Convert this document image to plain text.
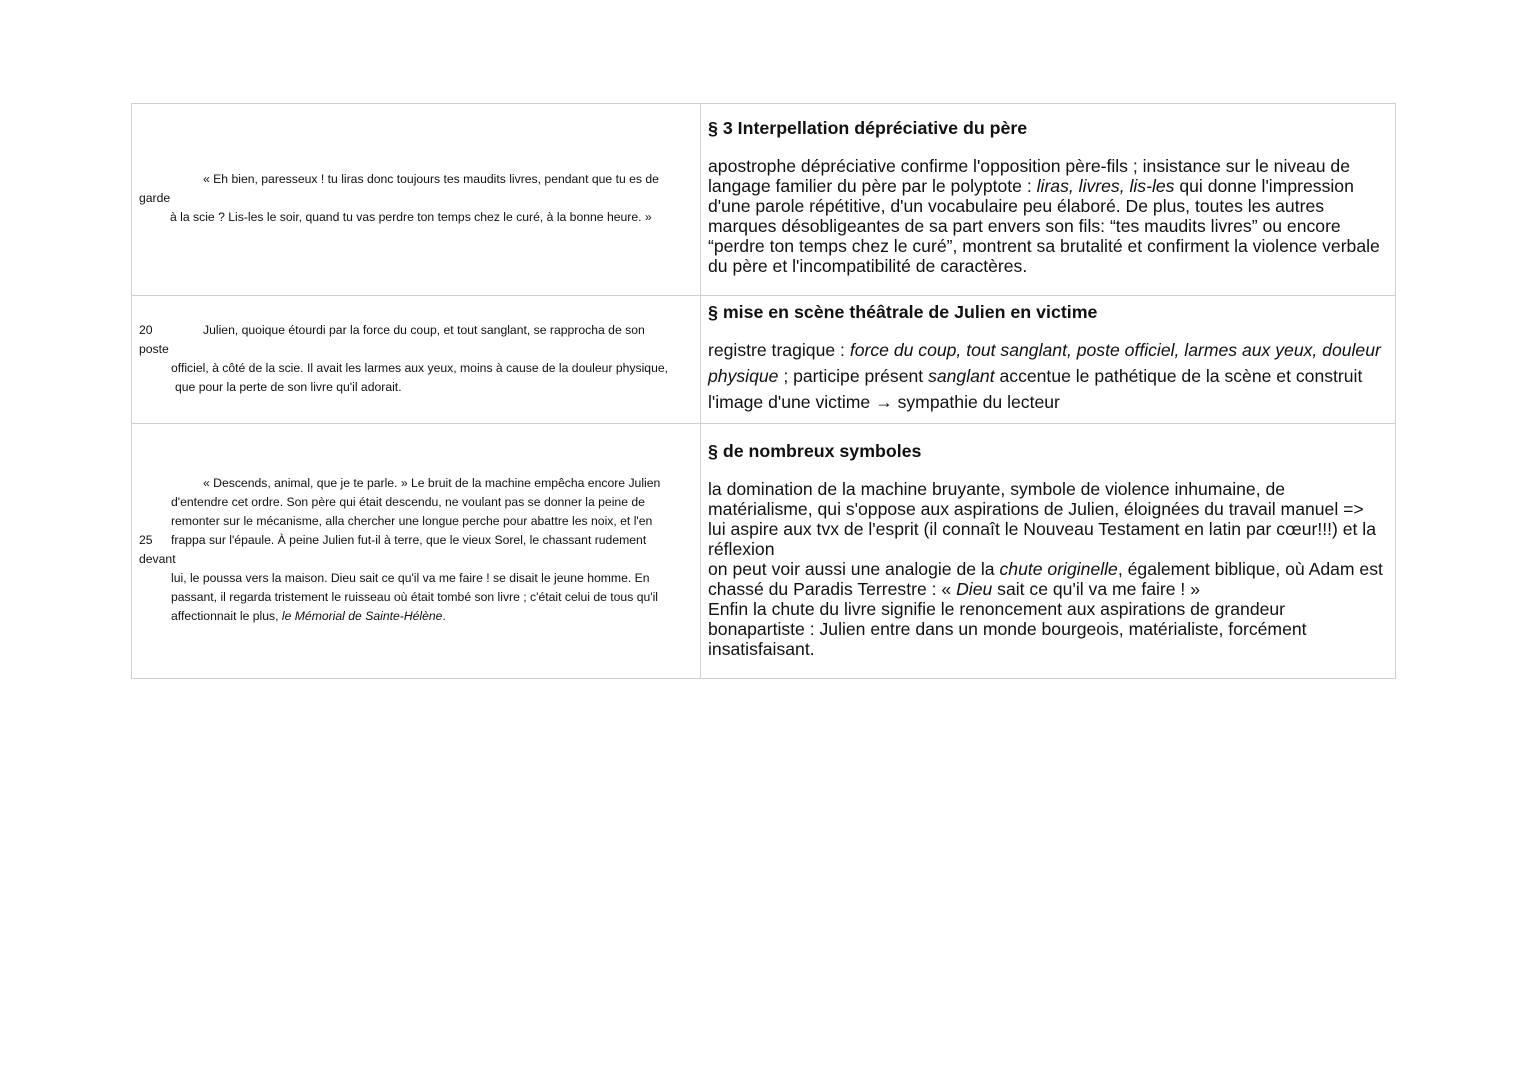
« Eh bien, paresseux ! tu liras donc toujours tes maudits livres, pendant que tu es de
garde
à la scie ? Lis-les le soir, quand tu vas perdre ton temps chez le curé, à la bonne heure. »
§ 3 Interpellation dépréciative du père
apostrophe dépréciative confirme l'opposition père-fils ; insistance sur le niveau de langage familier du père par le polyptote : liras, livres, lis-les qui donne l'impression d'une parole répétitive, d'un vocabulaire peu élaboré. De plus, toutes les autres marques désobligeantes de sa part envers son fils: “tes maudits livres” ou encore “perdre ton temps chez le curé”, montrent sa brutalité et confirment la violence verbale du père et l'incompatibilité de caractères.
20	Julien, quoique étourdi par la force du coup, et tout sanglant, se rapprocha de son
poste
officiel, à côté de la scie. Il avait les larmes aux yeux, moins à cause de la douleur physique,
que pour la perte de son livre qu'il adorait.
§ mise en scène théâtrale de Julien en victime
registre tragique : force du coup, tout sanglant, poste officiel, larmes aux yeux, douleur physique ; participe présent sanglant accentue le pathétique de la scène et construit l'image d'une victime → sympathie du lecteur
« Descends, animal, que je te parle. » Le bruit de la machine empêcha encore Julien
d'entendre cet ordre. Son père qui était descendu, ne voulant pas se donner la peine de
remonter sur le mécanisme, alla chercher une longue perche pour abattre les noix, et l'en
25 frappa sur l'épaule. À peine Julien fut-il à terre, que le vieux Sorel, le chassant rudement
devant
lui, le poussa vers la maison. Dieu sait ce qu'il va me faire ! se disait le jeune homme. En
passant, il regarda tristement le ruisseau où était tombé son livre ; c'était celui de tous qu'il
affectionnait le plus, le Mémorial de Sainte-Hélène.
§ de nombreux symboles
la domination de la machine bruyante, symbole de violence inhumaine, de matérialisme, qui s'oppose aux aspirations de Julien, éloignées du travail manuel => lui aspire aux tvx de l'esprit (il connaît le Nouveau Testament en latin par cœur!!!) et la réflexion
on peut voir aussi une analogie de la chute originelle, également biblique, où Adam est chassé du Paradis Terrestre : « Dieu sait ce qu'il va me faire ! »
Enfin la chute du livre signifie le renoncement aux aspirations de grandeur bonapartiste : Julien entre dans un monde bourgeois, matérialiste, forcément insatisfaisant.
